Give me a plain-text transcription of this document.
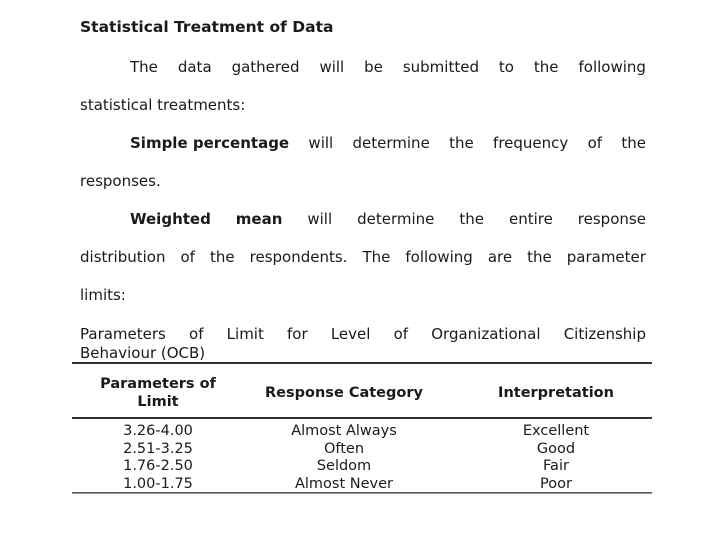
Statistical Treatment of Data
The data gathered will be submitted to the following
statistical treatments:
Simple percentage will determine the frequency of the
responses.
Weighted mean will determine the entire response
distribution of the respondents. The following are the parameter
limits:
Parameters of Limit for Level of Organizational Citizenship
Behaviour (OCB)
Parameters of
Limit
Response Category	Interpretation
3.26-4.00
2.51-3.25
1.76-2.50
1.00-1.75
Almost Always
Often
Seldom
Almost Never
Excellent
Good
Fair
Poor
